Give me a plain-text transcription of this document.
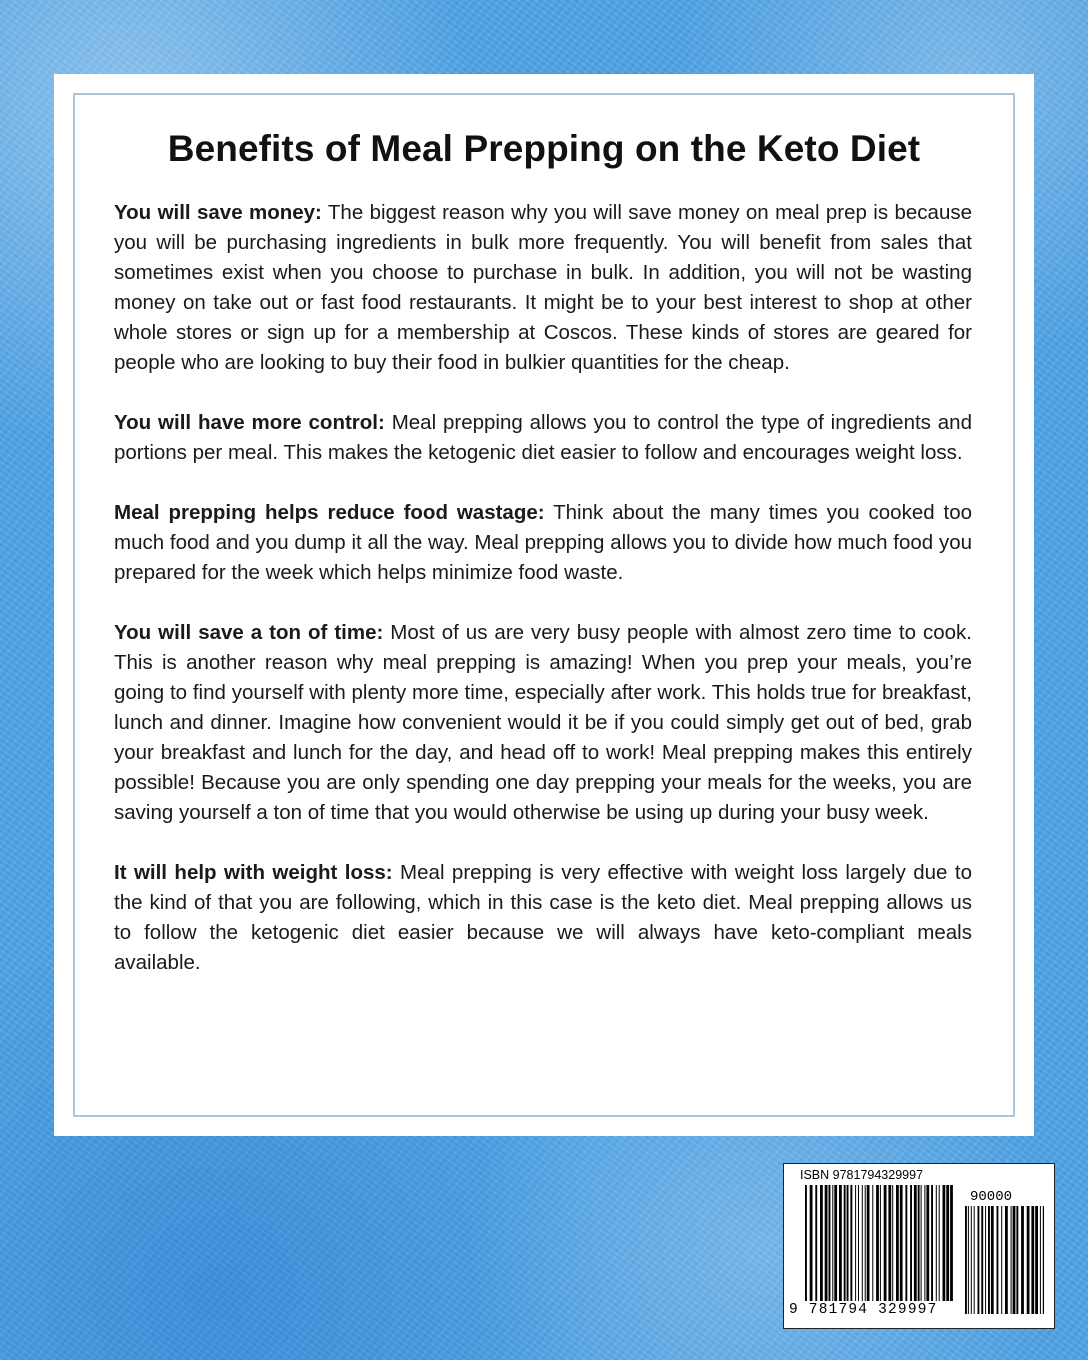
Benefits of Meal Prepping on the Keto Diet

You will save money: The biggest reason why you will save money on meal prep is because you will be purchasing ingredients in bulk more frequently. You will benefit from sales that sometimes exist when you choose to purchase in bulk. In addition, you will not be wasting money on take out or fast food restaurants. It might be to your best interest to shop at other whole stores or sign up for a membership at Coscos. These kinds of stores are geared for people who are looking to buy their food in bulkier quantities for the cheap.

You will have more control: Meal prepping allows you to control the type of ingredients and portions per meal. This makes the ketogenic diet easier to follow and encourages weight loss.

Meal prepping helps reduce food wastage: Think about the many times you cooked too much food and you dump it all the way. Meal prepping allows you to divide how much food you prepared for the week which helps minimize food waste.

You will save a ton of time: Most of us are very busy people with almost zero time to cook. This is another reason why meal prepping is amazing! When you prep your meals, you’re going to find yourself with plenty more time, especially after work. This holds true for breakfast, lunch and dinner. Imagine how convenient would it be if you could simply get out of bed, grab your breakfast and lunch for the day, and head off to work! Meal prepping makes this entirely possible! Because you are only spending one day prepping your meals for the weeks, you are saving yourself a ton of time that you would otherwise be using up during your busy week.

It will help with weight loss: Meal prepping is very effective with weight loss largely due to the kind of that you are following, which in this case is the keto diet. Meal prepping allows us to follow the ketogenic diet easier because we will always have keto-compliant meals available.

ISBN 9781794329997
90000
9 781794 329997
